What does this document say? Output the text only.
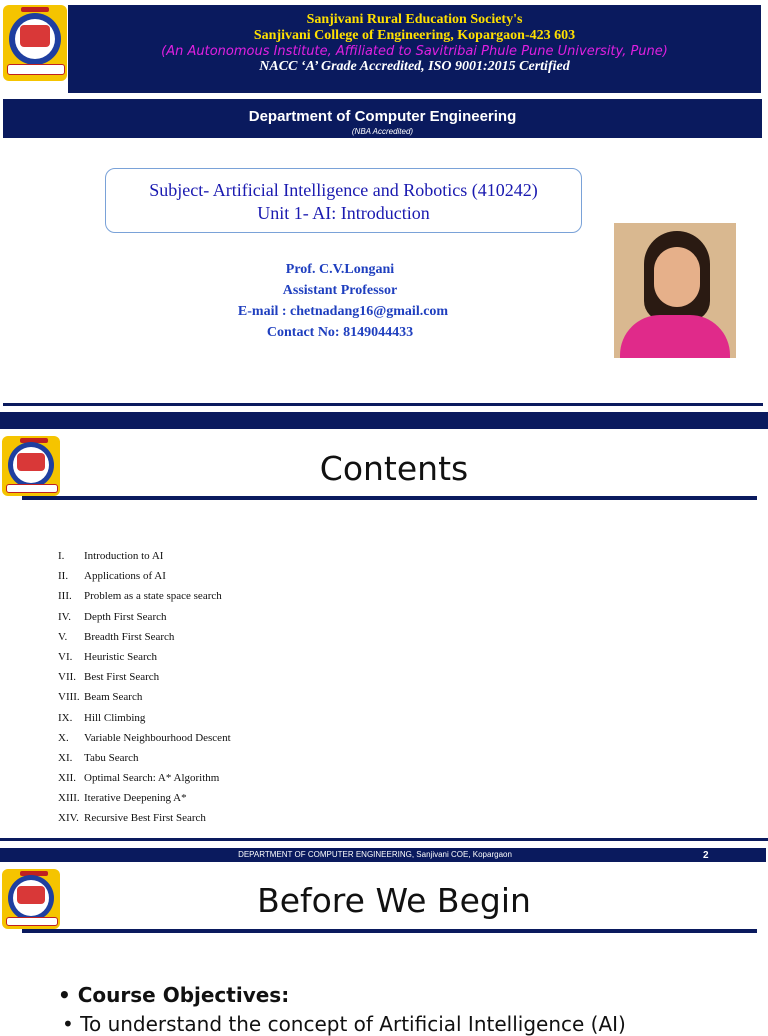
Sanjivani Rural Education Society's
Sanjivani College of Engineering, Kopargaon-423 603
(An Autonomous Institute, Affiliated to Savitribai Phule Pune University, Pune)
NACC ‘A’ Grade Accredited, ISO 9001:2015 Certified
Department of Computer Engineering
(NBA Accredited)
Subject- Artificial Intelligence and Robotics (410242)
Unit 1- AI: Introduction
Prof. C.V.Longani
Assistant Professor
E-mail : chetnadang16@gmail.com
Contact No: 8149044433
Contents
I. Introduction to AI
II. Applications of AI
III. Problem as a state space search
IV. Depth First Search
V. Breadth First Search
VI. Heuristic Search
VII. Best First Search
VIII. Beam Search
IX. Hill Climbing
X. Variable Neighbourhood Descent
XI. Tabu Search
XII. Optimal Search: A* Algorithm
XIII. Iterative Deepening A*
XIV. Recursive Best First Search
DEPARTMENT OF COMPUTER ENGINEERING, Sanjivani COE, Kopargaon	2
Before We Begin
• Course Objectives:
• To understand the concept of Artificial Intelligence (AI)
